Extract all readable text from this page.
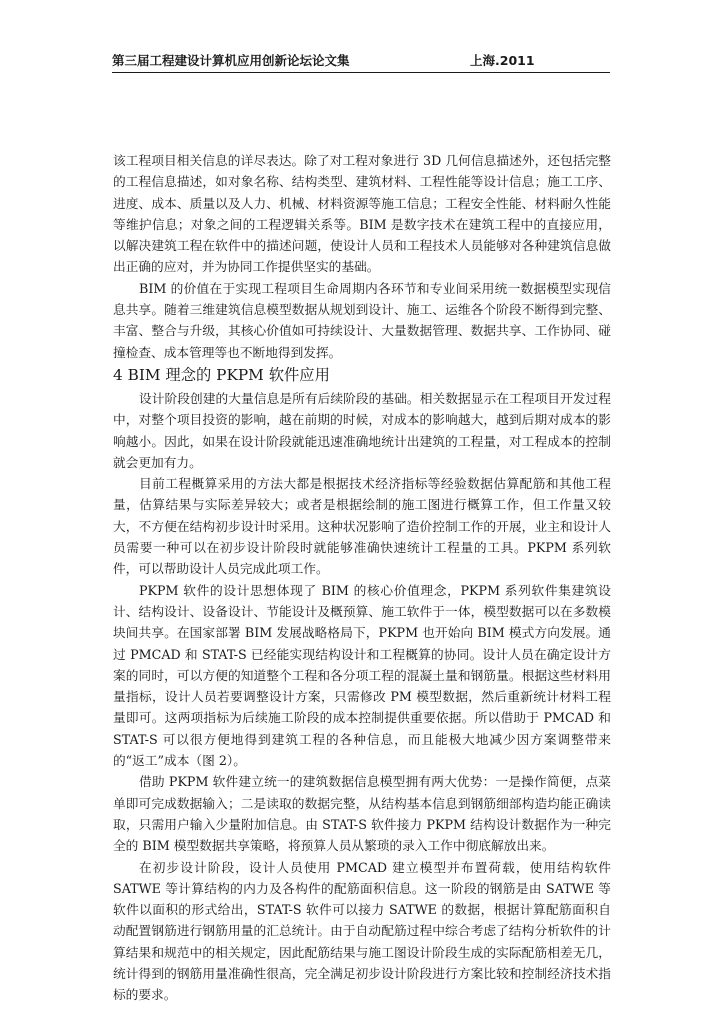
第三届工程建设计算机应用创新论坛论文集	上海.2011

该工程项目相关信息的详尽表达。除了对工程对象进行 3D 几何信息描述外，还包括完整的工程信息描述，如对象名称、结构类型、建筑材料、工程性能等设计信息；施工工序、进度、成本、质量以及人力、机械、材料资源等施工信息；工程安全性能、材料耐久性能等维护信息；对象之间的工程逻辑关系等。BIM 是数字技术在建筑工程中的直接应用，以解决建筑工程在软件中的描述问题，使设计人员和工程技术人员能够对各种建筑信息做出正确的应对，并为协同工作提供坚实的基础。

BIM 的价值在于实现工程项目生命周期内各环节和专业间采用统一数据模型实现信息共享。随着三维建筑信息模型数据从规划到设计、施工、运维各个阶段不断得到完整、丰富、整合与升级，其核心价值如可持续设计、大量数据管理、数据共享、工作协同、碰撞检查、成本管理等也不断地得到发挥。

4 BIM 理念的 PKPM 软件应用

设计阶段创建的大量信息是所有后续阶段的基础。相关数据显示在工程项目开发过程中，对整个项目投资的影响，越在前期的时候，对成本的影响越大，越到后期对成本的影响越小。因此，如果在设计阶段就能迅速准确地统计出建筑的工程量，对工程成本的控制就会更加有力。

目前工程概算采用的方法大都是根据技术经济指标等经验数据估算配筋和其他工程量，估算结果与实际差异较大；或者是根据绘制的施工图进行概算工作，但工作量又较大，不方便在结构初步设计时采用。这种状况影响了造价控制工作的开展，业主和设计人员需要一种可以在初步设计阶段时就能够准确快速统计工程量的工具。PKPM 系列软件，可以帮助设计人员完成此项工作。

PKPM 软件的设计思想体现了 BIM 的核心价值理念，PKPM 系列软件集建筑设计、结构设计、设备设计、节能设计及概预算、施工软件于一体，模型数据可以在多数模块间共享。在国家部署 BIM 发展战略格局下，PKPM 也开始向 BIM 模式方向发展。通过 PMCAD 和 STAT-S 已经能实现结构设计和工程概算的协同。设计人员在确定设计方案的同时，可以方便的知道整个工程和各分项工程的混凝土量和钢筋量。根据这些材料用量指标，设计人员若要调整设计方案，只需修改 PM 模型数据，然后重新统计材料工程量即可。这两项指标为后续施工阶段的成本控制提供重要依据。所以借助于 PMCAD 和 STAT-S 可以很方便地得到建筑工程的各种信息，而且能极大地减少因方案调整带来的“返工”成本（图 2）。

借助 PKPM 软件建立统一的建筑数据信息模型拥有两大优势：一是操作简便，点菜单即可完成数据输入；二是读取的数据完整，从结构基本信息到钢筋细部构造均能正确读取，只需用户输入少量附加信息。由 STAT-S 软件接力 PKPM 结构设计数据作为一种完全的 BIM 模型数据共享策略，将预算人员从繁琐的录入工作中彻底解放出来。

在初步设计阶段，设计人员使用 PMCAD 建立模型并布置荷载，使用结构软件 SATWE 等计算结构的内力及各构件的配筋面积信息。这一阶段的钢筋是由 SATWE 等软件以面积的形式给出，STAT-S 软件可以接力 SATWE 的数据，根据计算配筋面积自动配置钢筋进行钢筋用量的汇总统计。由于自动配筋过程中综合考虑了结构分析软件的计算结果和规范中的相关规定，因此配筋结果与施工图设计阶段生成的实际配筋相差无几，统计得到的钢筋用量准确性很高，完全满足初步设计阶段进行方案比较和控制经济技术指标的要求。
